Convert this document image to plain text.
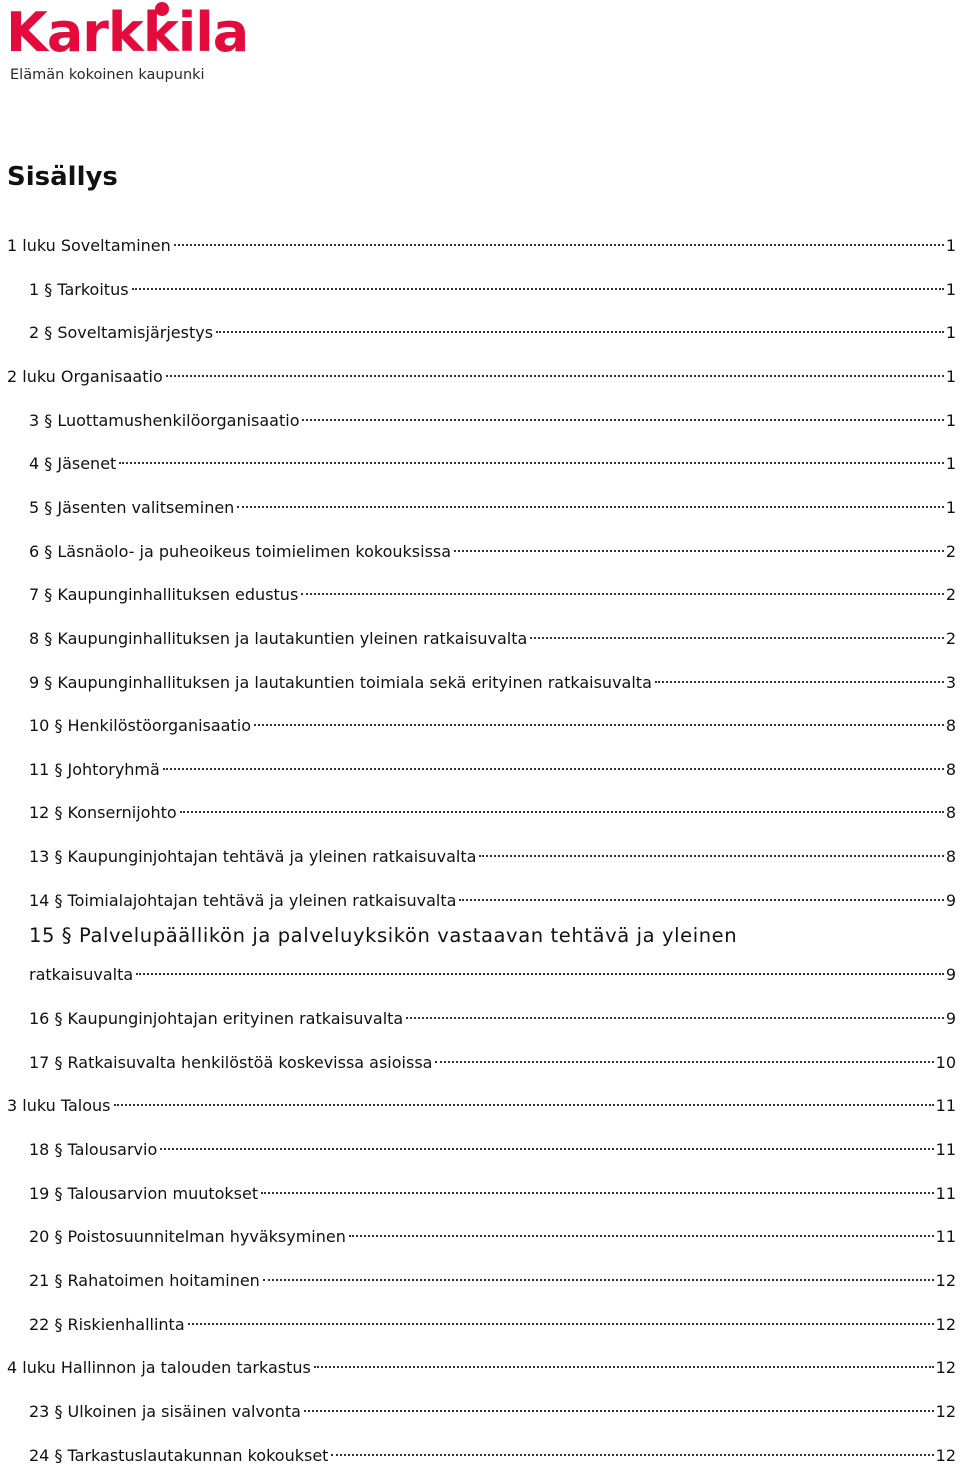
Karkkila
Elämän kokoinen kaupunki
Sisällys
1 luku Soveltaminen	1
1 § Tarkoitus	1
2 § Soveltamisjärjestys	1
2 luku Organisaatio	1
3 § Luottamushenkilöorganisaatio	1
4 § Jäsenet	1
5 § Jäsenten valitseminen	1
6 § Läsnäolo- ja puheoikeus toimielimen kokouksissa	2
7 § Kaupunginhallituksen edustus	2
8 § Kaupunginhallituksen ja lautakuntien yleinen ratkaisuvalta	2
9 § Kaupunginhallituksen ja lautakuntien toimiala sekä erityinen ratkaisuvalta	3
10 § Henkilöstöorganisaatio	8
11 § Johtoryhmä	8
12 § Konsernijohto	8
13 § Kaupunginjohtajan tehtävä ja yleinen ratkaisuvalta	8
14 § Toimialajohtajan tehtävä ja yleinen ratkaisuvalta	9
15 § Palvelupäällikön ja palveluyksikön vastaavan tehtävä ja yleinen
ratkaisuvalta	9
16 § Kaupunginjohtajan erityinen ratkaisuvalta	9
17 § Ratkaisuvalta henkilöstöä koskevissa asioissa	10
3 luku Talous	11
18 § Talousarvio	11
19 § Talousarvion muutokset	11
20 § Poistosuunnitelman hyväksyminen	11
21 § Rahatoimen hoitaminen	12
22 § Riskienhallinta	12
4 luku Hallinnon ja talouden tarkastus	12
23 § Ulkoinen ja sisäinen valvonta	12
24 § Tarkastuslautakunnan kokoukset	12
